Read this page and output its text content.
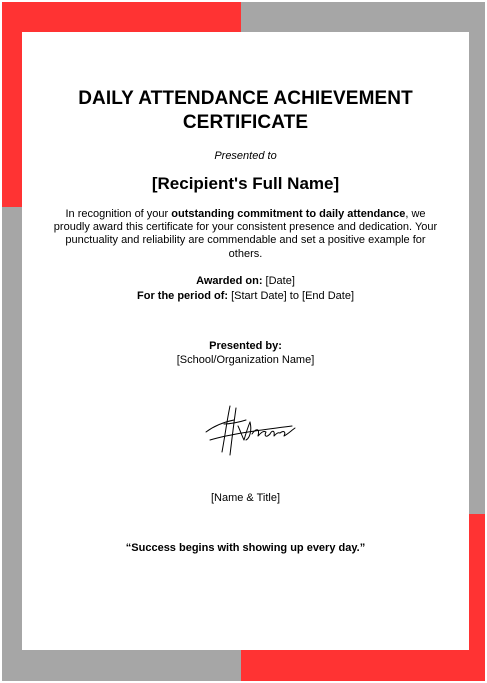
DAILY ATTENDANCE ACHIEVEMENT
CERTIFICATE
Presented to
[Recipient's Full Name]
In recognition of your outstanding commitment to daily attendance, we proudly award this certificate for your consistent presence and dedication. Your punctuality and reliability are commendable and set a positive example for others.
Awarded on: [Date]
For the period of: [Start Date] to [End Date]
Presented by:
[School/Organization Name]
[Name & Title]
“Success begins with showing up every day.”
